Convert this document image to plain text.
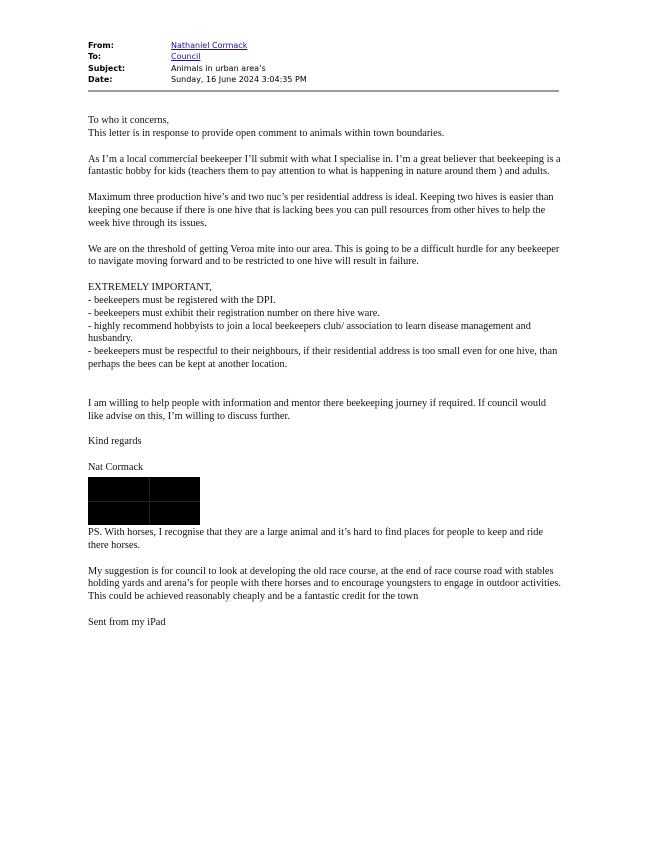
From:	Nathaniel Cormack
To:	Council
Subject:	Animals in urban area’s
Date:	Sunday, 16 June 2024 3:04:35 PM

To who it concerns,

This letter is in response to provide open comment to animals within town boundaries.

As I’m a local commercial beekeeper I’ll submit with what I specialise in. I’m a great believer that beekeeping is a fantastic hobby for kids (teachers them to pay attention to what is happening in nature around them ) and adults.

Maximum three production hive’s and two nuc’s per residential address is ideal. Keeping two hives is easier than keeping one because if there is one hive that is lacking bees you can pull resources from other hives to help the week hive through its issues.

We are on the threshold of getting Veroa mite into our area. This is going to be a difficult hurdle for any beekeeper to navigate moving forward and to be restricted to one hive will result in failure.

EXTREMELY IMPORTANT,

- beekeepers must be registered with the DPI.

- beekeepers must exhibit their registration number on there hive ware.

- highly recommend hobbyists to join a local beekeepers club/ association to learn disease management and husbandry.

- beekeepers must be respectful to their neighbours, if their residential address is too small even for one hive, than perhaps the bees can be kept at another location.

I am willing to help people with information and mentor there beekeeping journey if required. If council would like advise on this, I’m willing to discuss further.

Kind regards

Nat Cormack

PS. With horses, I recognise that they are a large animal and it’s hard to find places for people to keep and ride there horses.

My suggestion is for council to look at developing the old race course, at the end of race course road with stables holding yards and arena’s for people with there horses and to encourage youngsters to engage in outdoor activities. This could be achieved reasonably cheaply and be a fantastic credit for the town

Sent from my iPad
